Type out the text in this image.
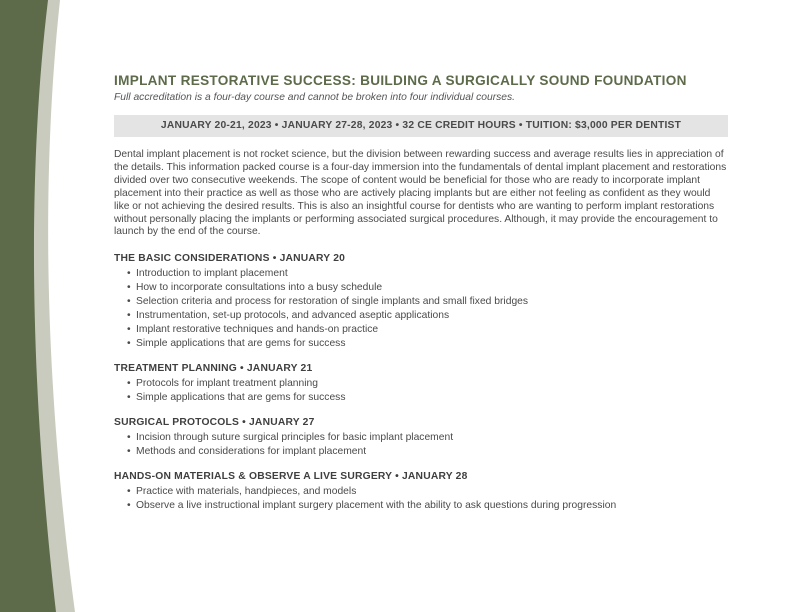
IMPLANT RESTORATIVE SUCCESS: BUILDING A SURGICALLY SOUND FOUNDATION

Full accreditation is a four-day course and cannot be broken into four individual courses.

JANUARY 20-21, 2023 • JANUARY 27-28, 2023 • 32 CE CREDIT HOURS • TUITION: $3,000 PER DENTIST

Dental implant placement is not rocket science, but the division between rewarding success and average results lies in appreciation of the details. This information packed course is a four-day immersion into the fundamentals of dental implant placement and restorations divided over two consecutive weekends. The scope of content would be beneficial for those who are ready to incorporate implant placement into their practice as well as those who are actively placing implants but are either not feeling as confident as they would like or not achieving the desired results. This is also an insightful course for dentists who are wanting to perform implant restorations without personally placing the implants or performing associated surgical procedures. Although, it may provide the encouragement to launch by the end of the course.

THE BASIC CONSIDERATIONS • JANUARY 20
• Introduction to implant placement
• How to incorporate consultations into a busy schedule
• Selection criteria and process for restoration of single implants and small fixed bridges
• Instrumentation, set-up protocols, and advanced aseptic applications
• Implant restorative techniques and hands-on practice
• Simple applications that are gems for success
TREATMENT PLANNING • JANUARY 21
• Protocols for implant treatment planning
• Simple applications that are gems for success
SURGICAL PROTOCOLS • JANUARY 27
• Incision through suture surgical principles for basic implant placement
• Methods and considerations for implant placement
HANDS-ON MATERIALS & OBSERVE A LIVE SURGERY • JANUARY 28
• Practice with materials, handpieces, and models
• Observe a live instructional implant surgery placement with the ability to ask questions during progression
